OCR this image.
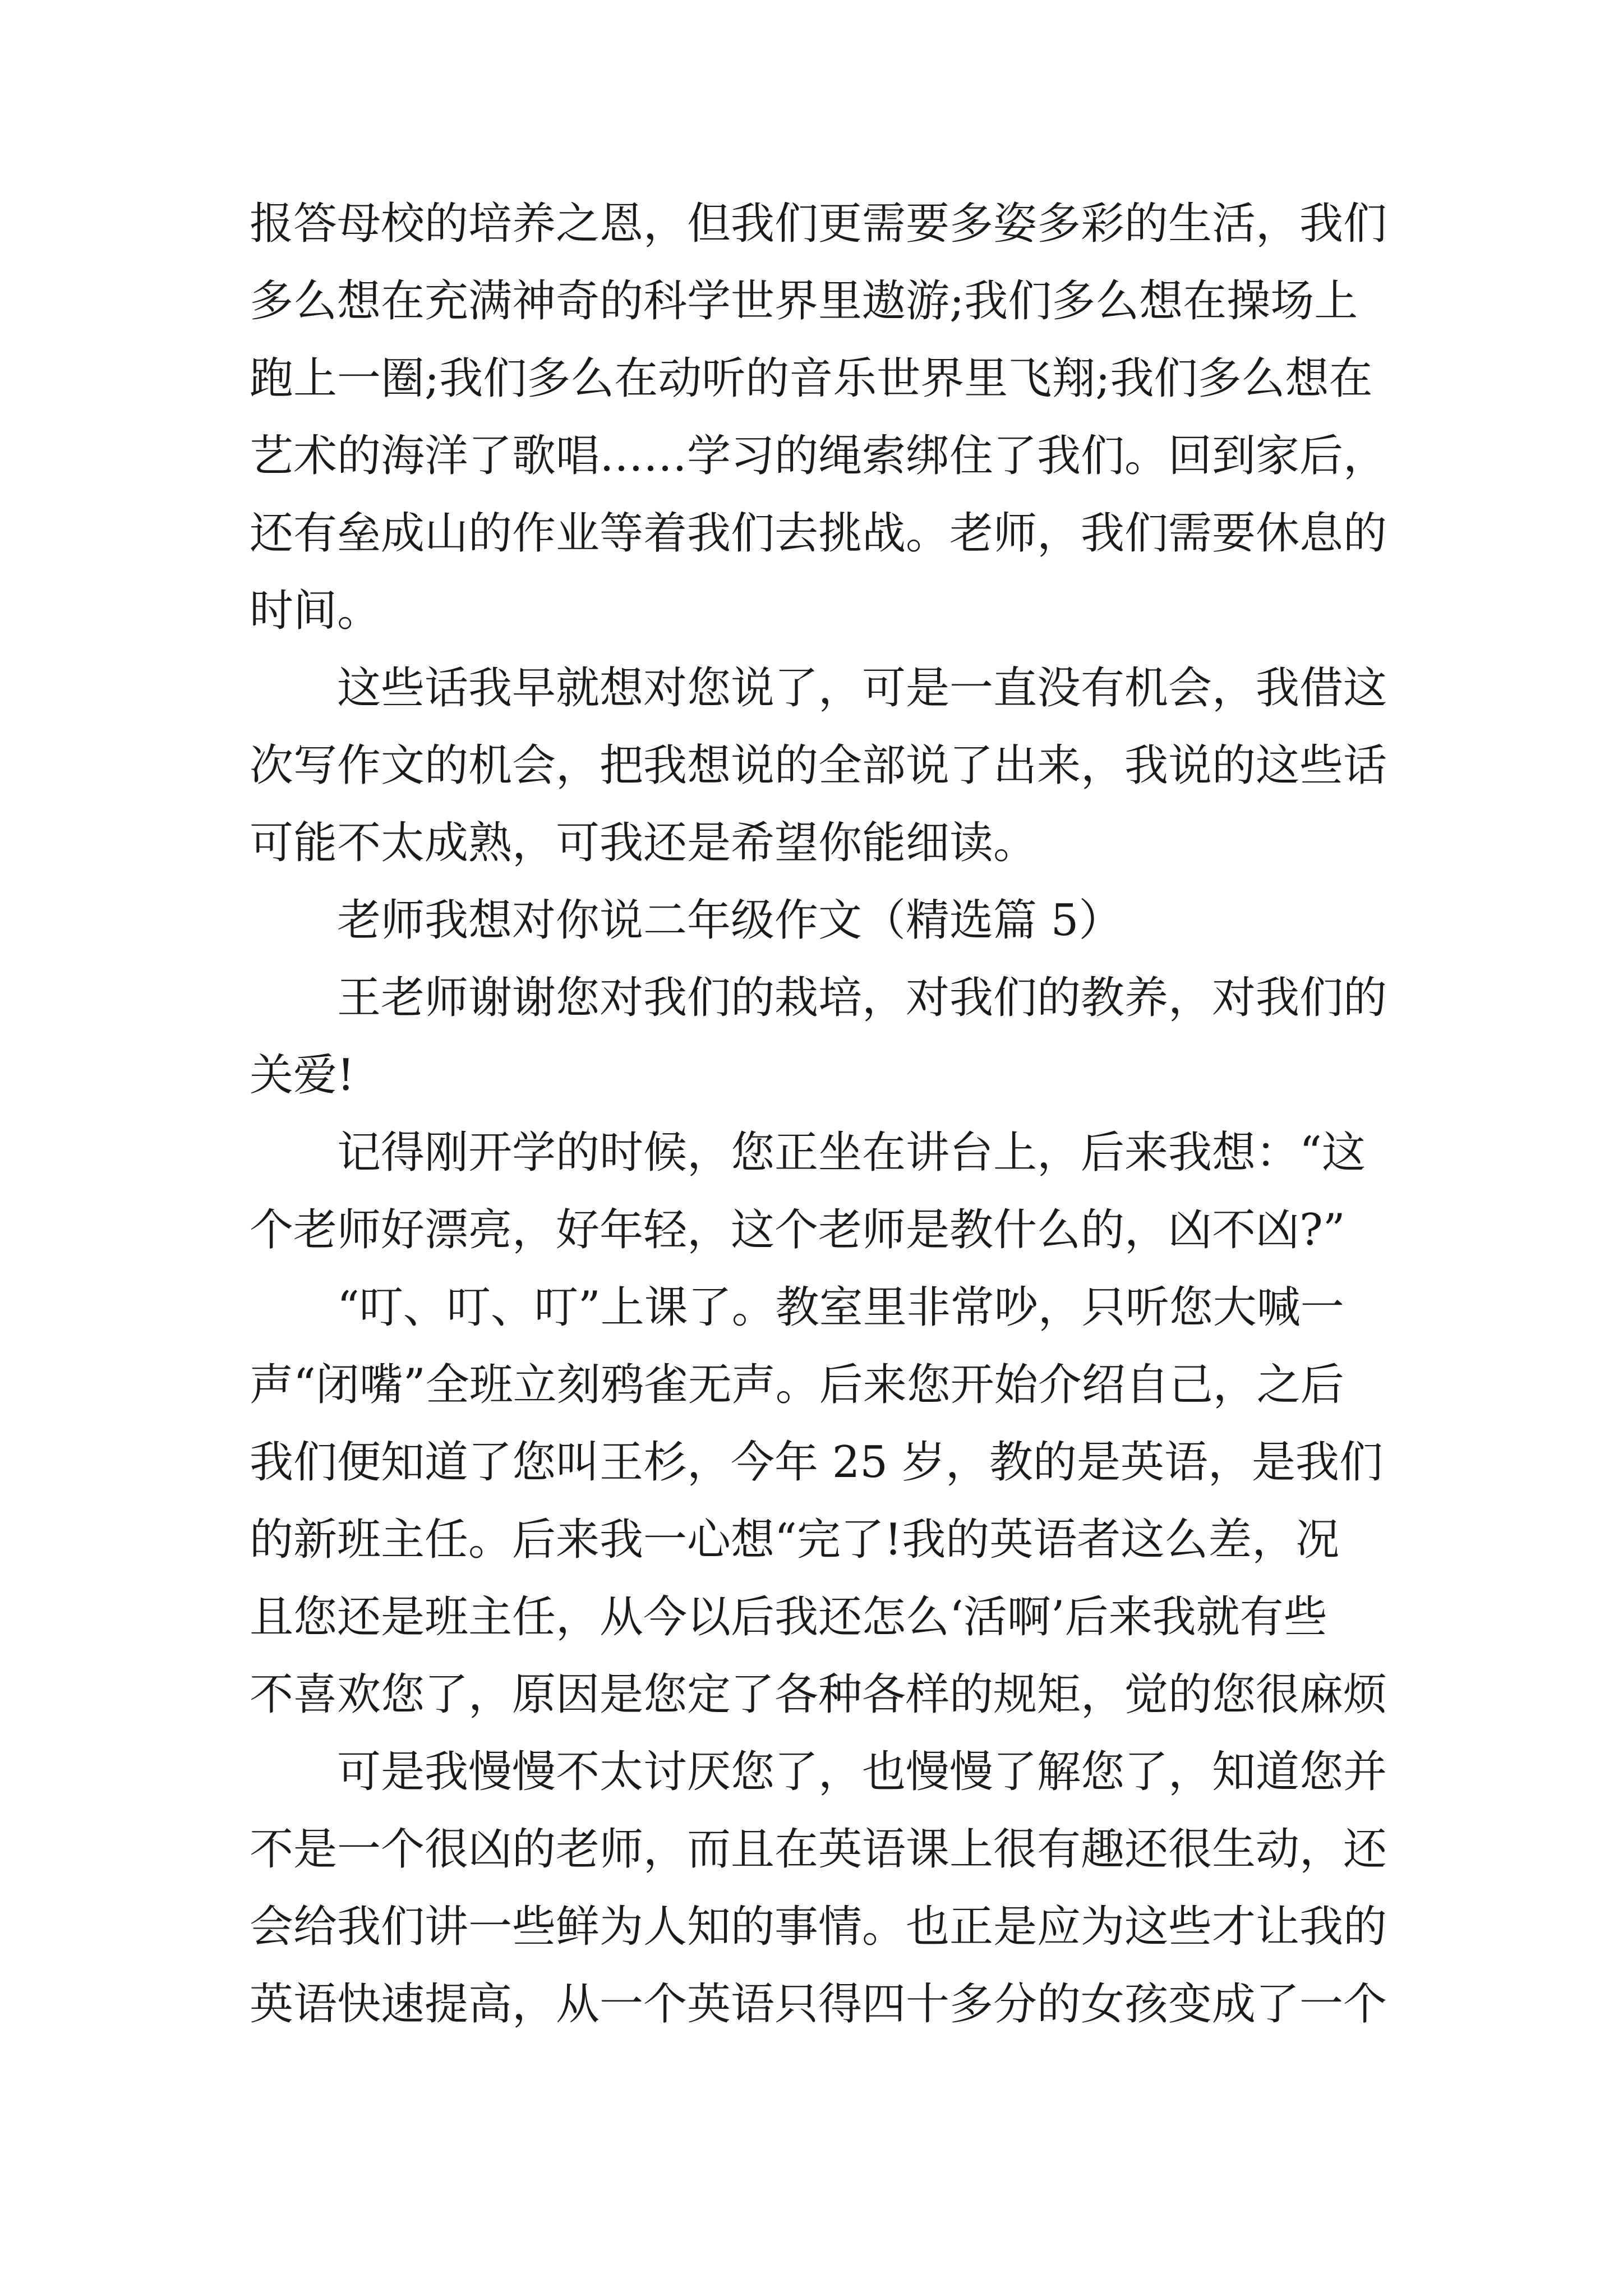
报答母校的培养之恩，但我们更需要多姿多彩的生活，我们
多么想在充满神奇的科学世界里遨游;我们多么想在操场上
跑上一圈;我们多么在动听的音乐世界里飞翔;我们多么想在
艺术的海洋了歌唱……学习的绳索绑住了我们。回到家后，
还有垒成山的作业等着我们去挑战。老师，我们需要休息的
时间。
这些话我早就想对您说了，可是一直没有机会，我借这
次写作文的机会，把我想说的全部说了出来，我说的这些话
可能不太成熟，可我还是希望你能细读。
老师我想对你说二年级作文（精选篇 5）
王老师谢谢您对我们的栽培，对我们的教养，对我们的
关爱!
记得刚开学的时候，您正坐在讲台上，后来我想：“这
个老师好漂亮，好年轻，这个老师是教什么的，凶不凶?”
“叮、叮、叮”上课了。教室里非常吵，只听您大喊一
声“闭嘴”全班立刻鸦雀无声。后来您开始介绍自己，之后
我们便知道了您叫王杉，今年 25 岁，教的是英语，是我们
的新班主任。后来我一心想“完了!我的英语者这么差，况
且您还是班主任，从今以后我还怎么‘活啊’后来我就有些
不喜欢您了，原因是您定了各种各样的规矩，觉的您很麻烦
可是我慢慢不太讨厌您了，也慢慢了解您了，知道您并
不是一个很凶的老师，而且在英语课上很有趣还很生动，还
会给我们讲一些鲜为人知的事情。也正是应为这些才让我的
英语快速提高，从一个英语只得四十多分的女孩变成了一个
